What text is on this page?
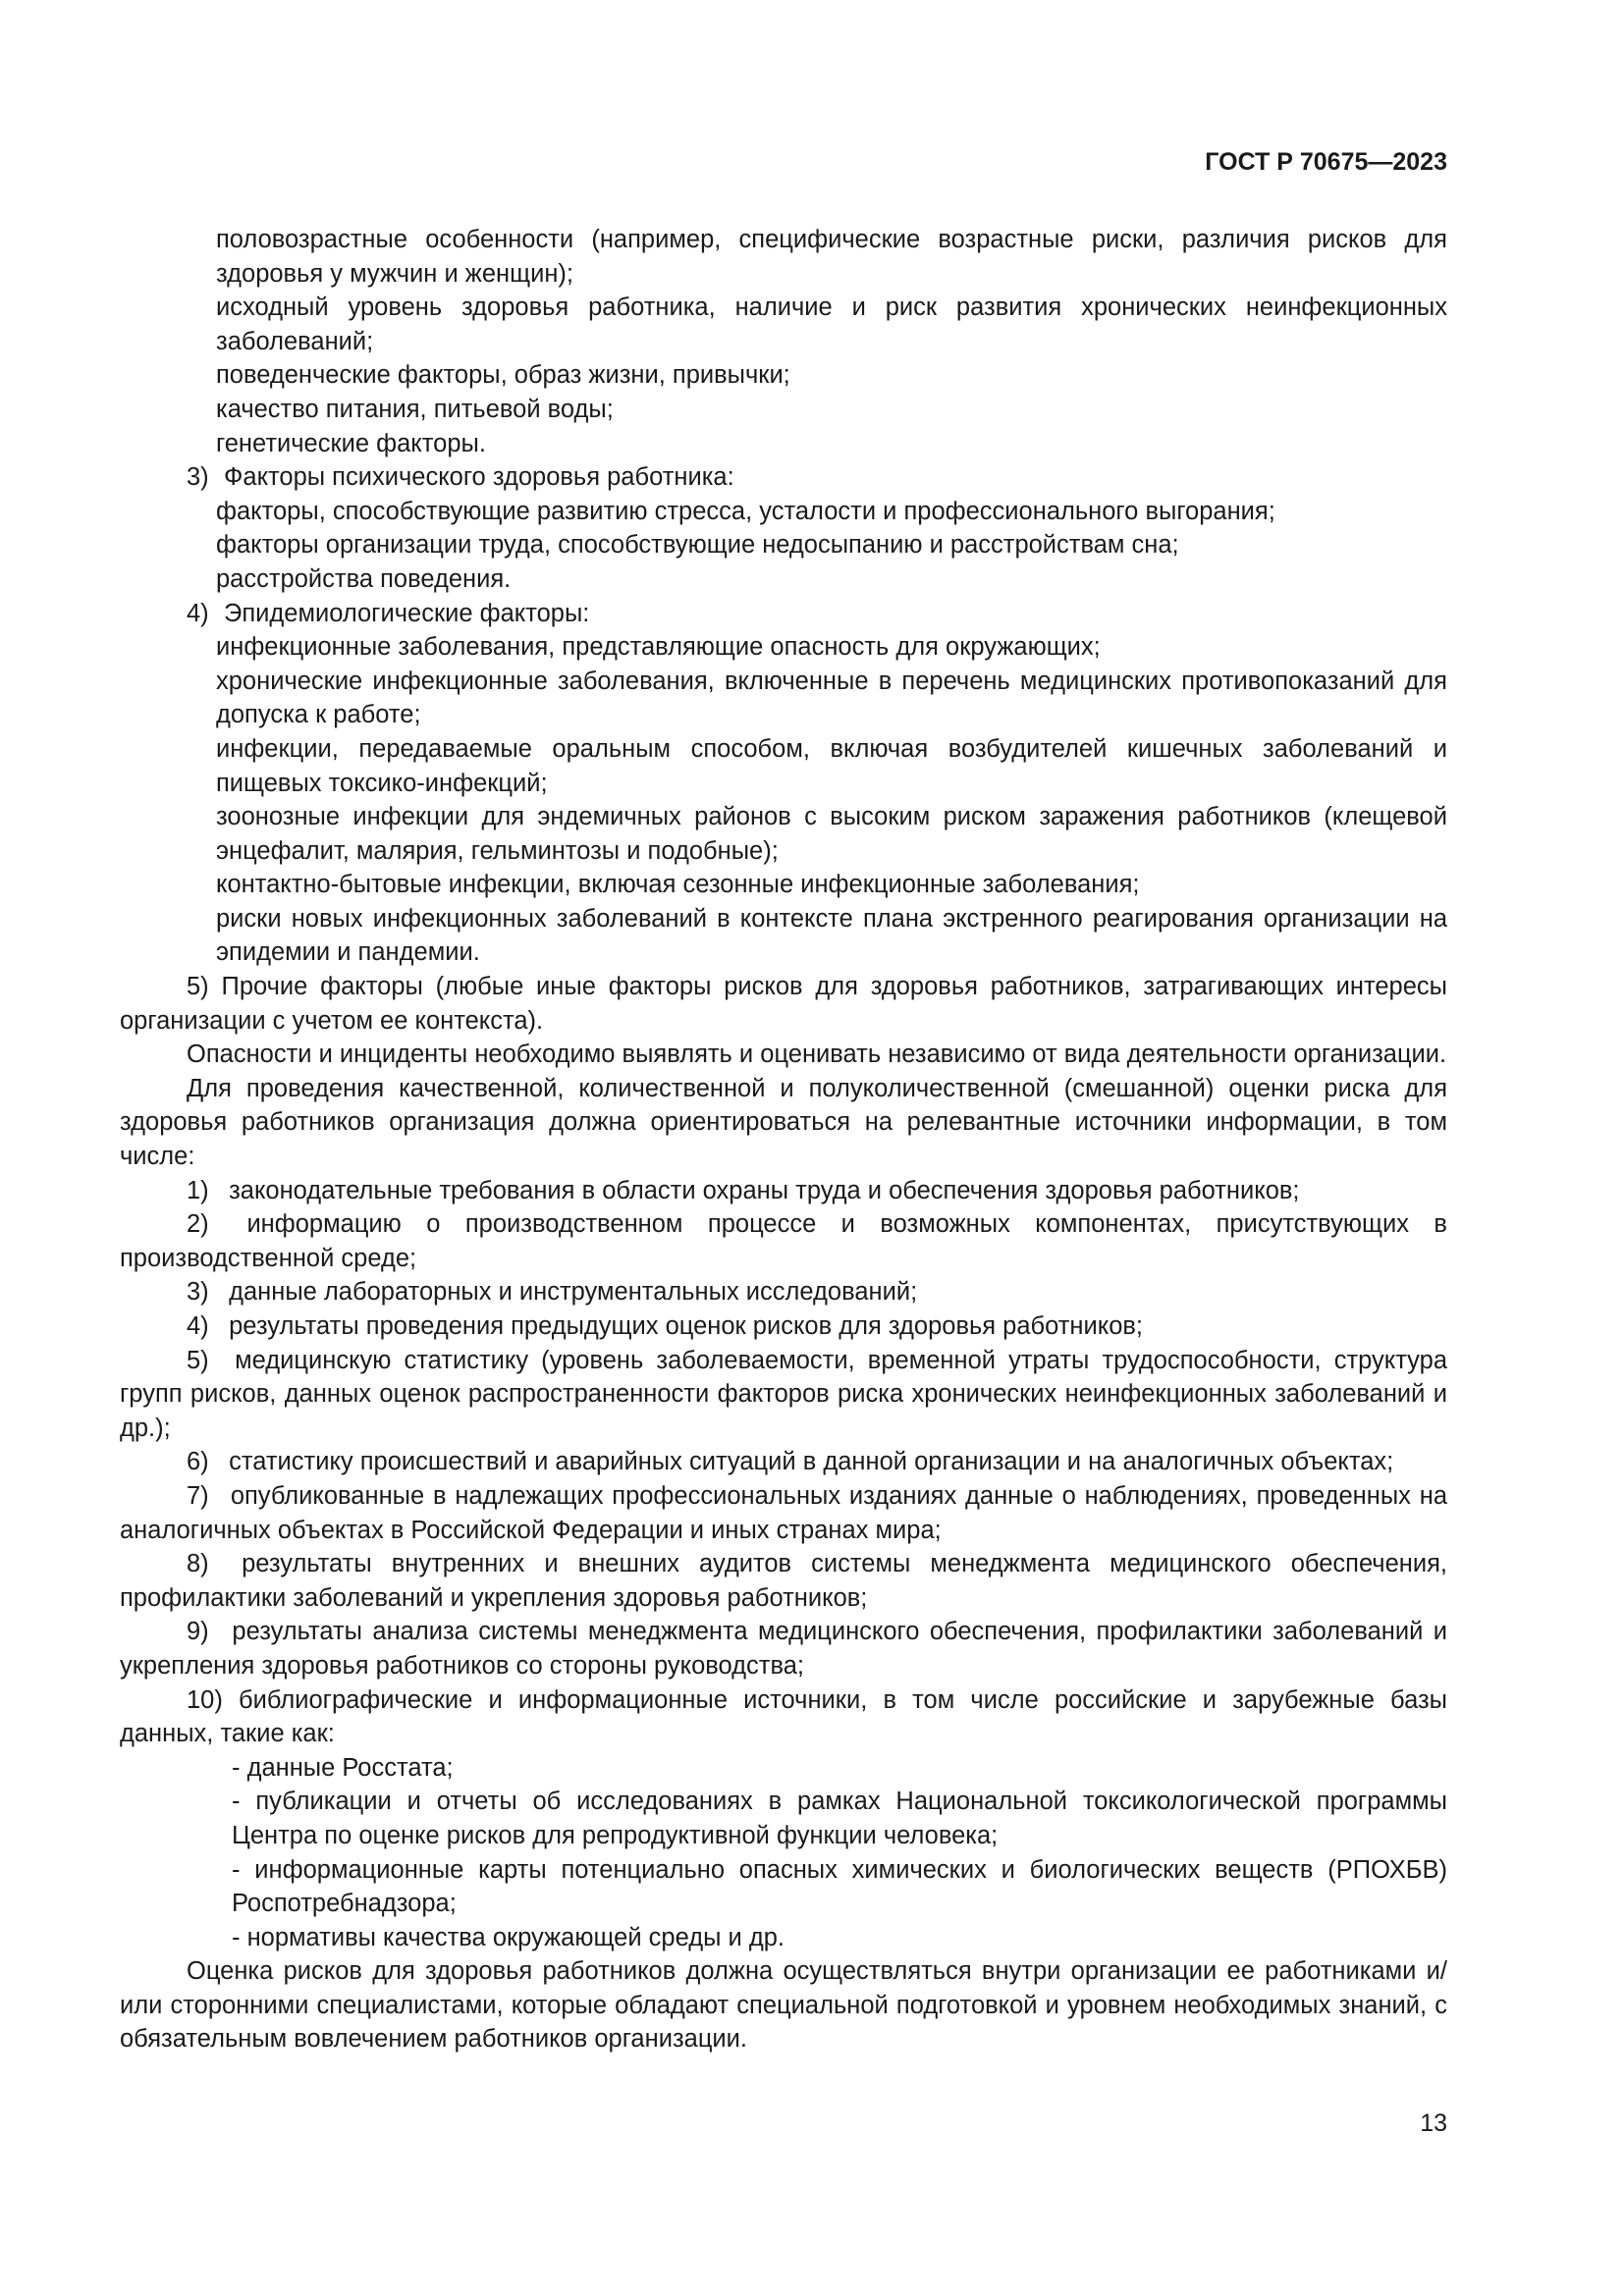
ГОСТ Р 70675—2023

половозрастные особенности (например, специфические возрастные риски, различия рисков для здоровья у мужчин и женщин);

исходный уровень здоровья работника, наличие и риск развития хронических неинфекционных заболеваний;

поведенческие факторы, образ жизни, привычки;

качество питания, питьевой воды;

генетические факторы.

3) Факторы психического здоровья работника:

факторы, способствующие развитию стресса, усталости и профессионального выгорания;

факторы организации труда, способствующие недосыпанию и расстройствам сна;

расстройства поведения.

4) Эпидемиологические факторы:

инфекционные заболевания, представляющие опасность для окружающих;

хронические инфекционные заболевания, включенные в перечень медицинских противопоказаний для допуска к работе;

инфекции, передаваемые оральным способом, включая возбудителей кишечных заболеваний и пищевых токсико-инфекций;

зоонозные инфекции для эндемичных районов с высоким риском заражения работников (клещевой энцефалит, малярия, гельминтозы и подобные);

контактно-бытовые инфекции, включая сезонные инфекционные заболевания;

риски новых инфекционных заболеваний в контексте плана экстренного реагирования организации на эпидемии и пандемии.

5) Прочие факторы (любые иные факторы рисков для здоровья работников, затрагивающих интересы организации с учетом ее контекста).

Опасности и инциденты необходимо выявлять и оценивать независимо от вида деятельности организации.

Для проведения качественной, количественной и полуколичественной (смешанной) оценки риска для здоровья работников организация должна ориентироваться на релевантные источники информации, в том числе:

1) законодательные требования в области охраны труда и обеспечения здоровья работников;

2) информацию о производственном процессе и возможных компонентах, присутствующих в производственной среде;

3) данные лабораторных и инструментальных исследований;

4) результаты проведения предыдущих оценок рисков для здоровья работников;

5) медицинскую статистику (уровень заболеваемости, временной утраты трудоспособности, структура групп рисков, данных оценок распространенности факторов риска хронических неинфекционных заболеваний и др.);

6) статистику происшествий и аварийных ситуаций в данной организации и на аналогичных объектах;

7) опубликованные в надлежащих профессиональных изданиях данные о наблюдениях, проведенных на аналогичных объектах в Российской Федерации и иных странах мира;

8) результаты внутренних и внешних аудитов системы менеджмента медицинского обеспечения, профилактики заболеваний и укрепления здоровья работников;

9) результаты анализа системы менеджмента медицинского обеспечения, профилактики заболеваний и укрепления здоровья работников со стороны руководства;

10) библиографические и информационные источники, в том числе российские и зарубежные базы данных, такие как:

- данные Росстата;

- публикации и отчеты об исследованиях в рамках Национальной токсикологической программы Центра по оценке рисков для репродуктивной функции человека;

- информационные карты потенциально опасных химических и биологических веществ (РПОХБВ) Роспотребнадзора;

- нормативы качества окружающей среды и др.

Оценка рисков для здоровья работников должна осуществляться внутри организации ее работниками и/или сторонними специалистами, которые обладают специальной подготовкой и уровнем необходимых знаний, с обязательным вовлечением работников организации.

13
